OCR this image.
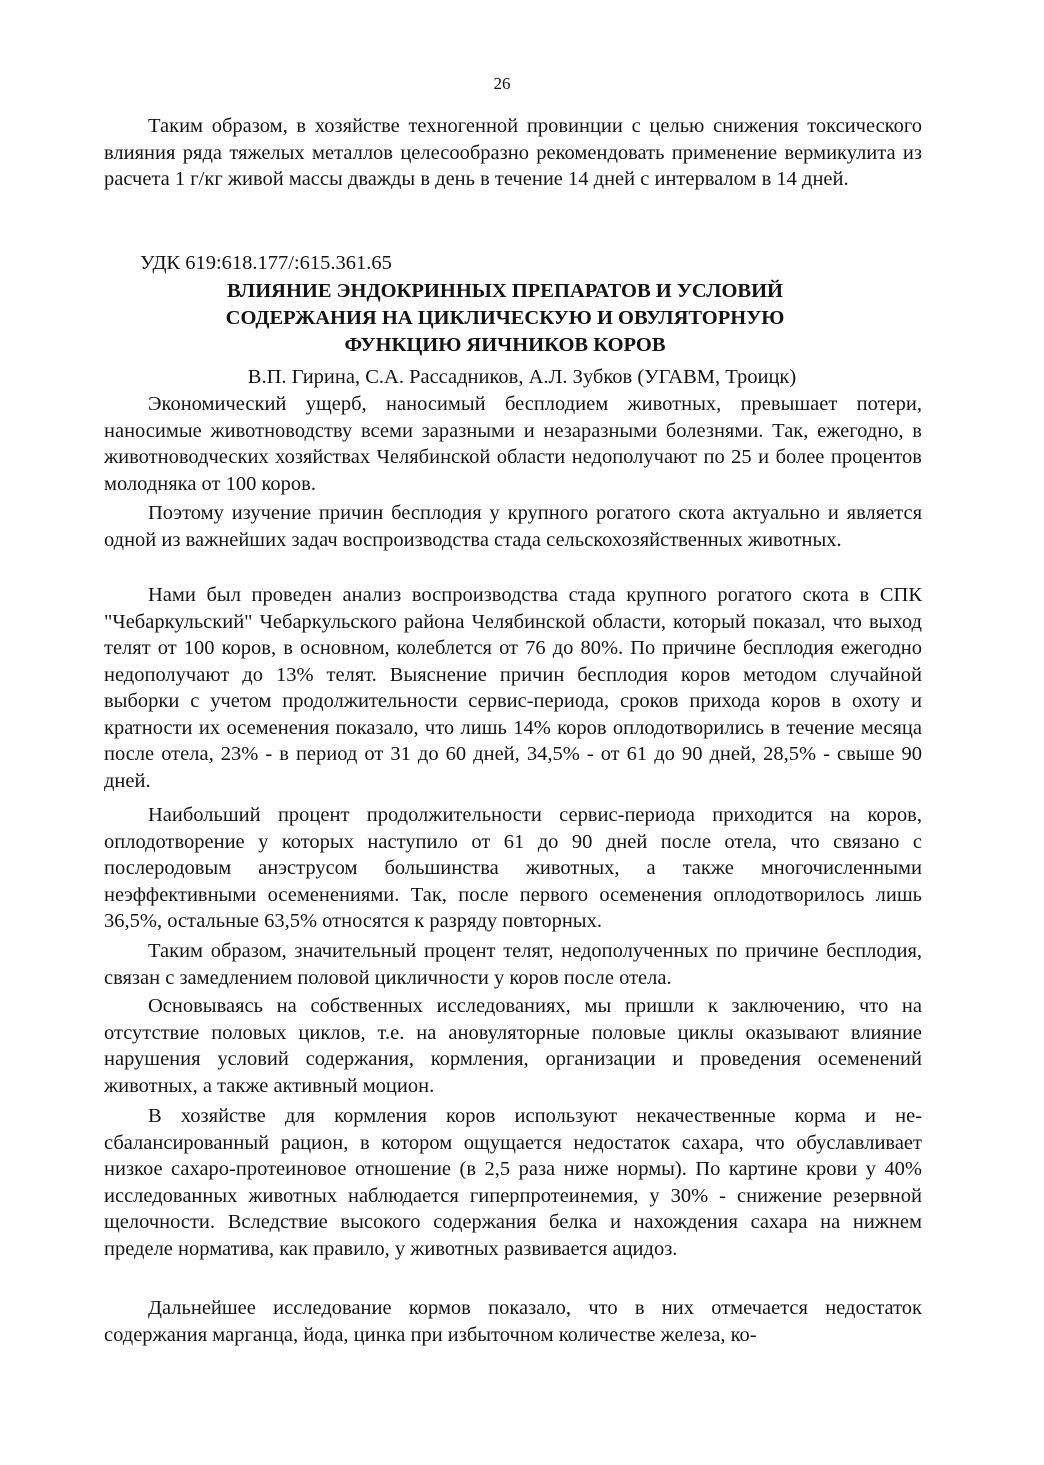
26

Таким образом, в хозяйстве техногенной провинции с целью снижения токсического влияния ряда тяжелых металлов целесообразно рекомендовать применение вермикулита из расчета 1 г/кг живой массы дважды в день в течение 14 дней с интервалом в 14 дней.

УДК 619:618.177/:615.361.65
ВЛИЯНИЕ ЭНДОКРИННЫХ ПРЕПАРАТОВ И УСЛОВИЙ
СОДЕРЖАНИЯ НА ЦИКЛИЧЕСКУЮ И ОВУЛЯТОРНУЮ
ФУНКЦИЮ ЯИЧНИКОВ КОРОВ
В.П. Гирина, С.А. Рассадников, А.Л. Зубков (УГАВМ, Троицк)

Экономический ущерб, наносимый бесплодием животных, превышает потери, наносимые животноводству всеми заразными и незаразными болезнями. Так, ежегодно, в животноводческих хозяйствах Челябинской области недополучают по 25 и более процентов молодняка от 100 коров.

Поэтому изучение причин бесплодия у крупного рогатого скота актуально и является одной из важнейших задач воспроизводства стада сельскохозяйственных животных.

Нами был проведен анализ воспроизводства стада крупного рогатого скота в СПК "Чебаркульский" Чебаркульского района Челябинской области, который показал, что выход телят от 100 коров, в основном, колеблется от 76 до 80%. По причине бесплодия ежегодно недополучают до 13% телят. Выяснение причин бесплодия коров методом случайной выборки с учетом продолжительности сервис-периода, сроков прихода коров в охоту и кратности их осеменения показало, что лишь 14% коров оплодотворились в течение месяца после отела, 23% - в период от 31 до 60 дней, 34,5% - от 61 до 90 дней, 28,5% - свыше 90 дней.

Наибольший процент продолжительности сервис-периода приходится на коров, оплодотворение у которых наступило от 61 до 90 дней после отела, что связано с послеродовым анэструсом большинства животных, а также многочисленными неэффективными осеменениями. Так, после первого осеменения оплодотворилось лишь 36,5%, остальные 63,5% относятся к разряду повторных.

Таким образом, значительный процент телят, недополученных по причине бесплодия, связан с замедлением половой цикличности у коров после отела.

Основываясь на собственных исследованиях, мы пришли к заключению, что на отсутствие половых циклов, т.е. на ановуляторные половые циклы оказывают влияние нарушения условий содержания, кормления, организации и проведения осеменений животных, а также активный моцион.

В хозяйстве для кормления коров используют некачественные корма и несбалансированный рацион, в котором ощущается недостаток сахара, что обуславливает низкое сахаро-протеиновое отношение (в 2,5 раза ниже нормы). По картине крови у 40% исследованных животных наблюдается гиперпротеинемия, у 30% - снижение резервной щелочности. Вследствие высокого содержания белка и нахождения сахара на нижнем пределе норматива, как правило, у животных развивается ацидоз.

Дальнейшее исследование кормов показало, что в них отмечается недостаток содержания марганца, йода, цинка при избыточном количестве железа, ко-
